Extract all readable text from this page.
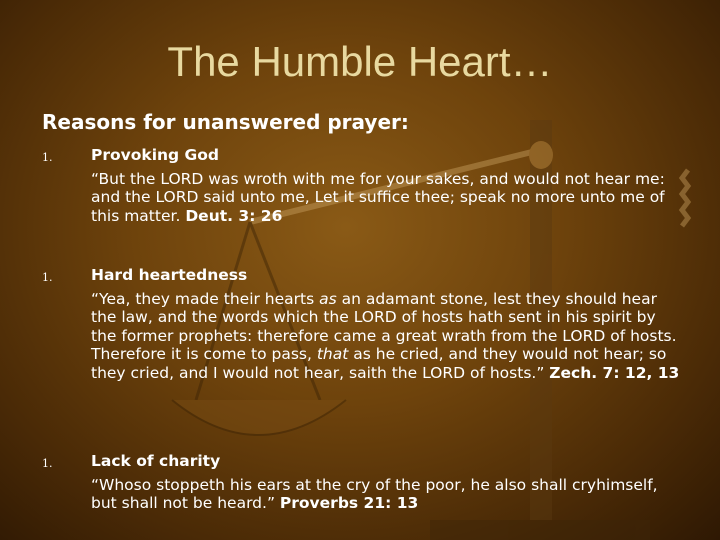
The Humble Heart…
Reasons for unanswered prayer:
1. Provoking God
“But the LORD was wroth with me for your sakes, and would not hear me: and the LORD said unto me, Let it suffice thee; speak no more unto me of this matter. Deut. 3: 26
1. Hard heartedness
“Yea, they made their hearts as an adamant stone, lest they should hear the law, and the words which the LORD of hosts hath sent in his spirit by the former prophets: therefore came a great wrath from the LORD of hosts. Therefore it is come to pass, that as he cried, and they would not hear; so they cried, and I would not hear, saith the LORD of hosts.” Zech. 7: 12, 13
1. Lack of charity
“Whoso stoppeth his ears at the cry of the poor, he also shall cryhimself, but shall not be heard.” Proverbs 21: 13
